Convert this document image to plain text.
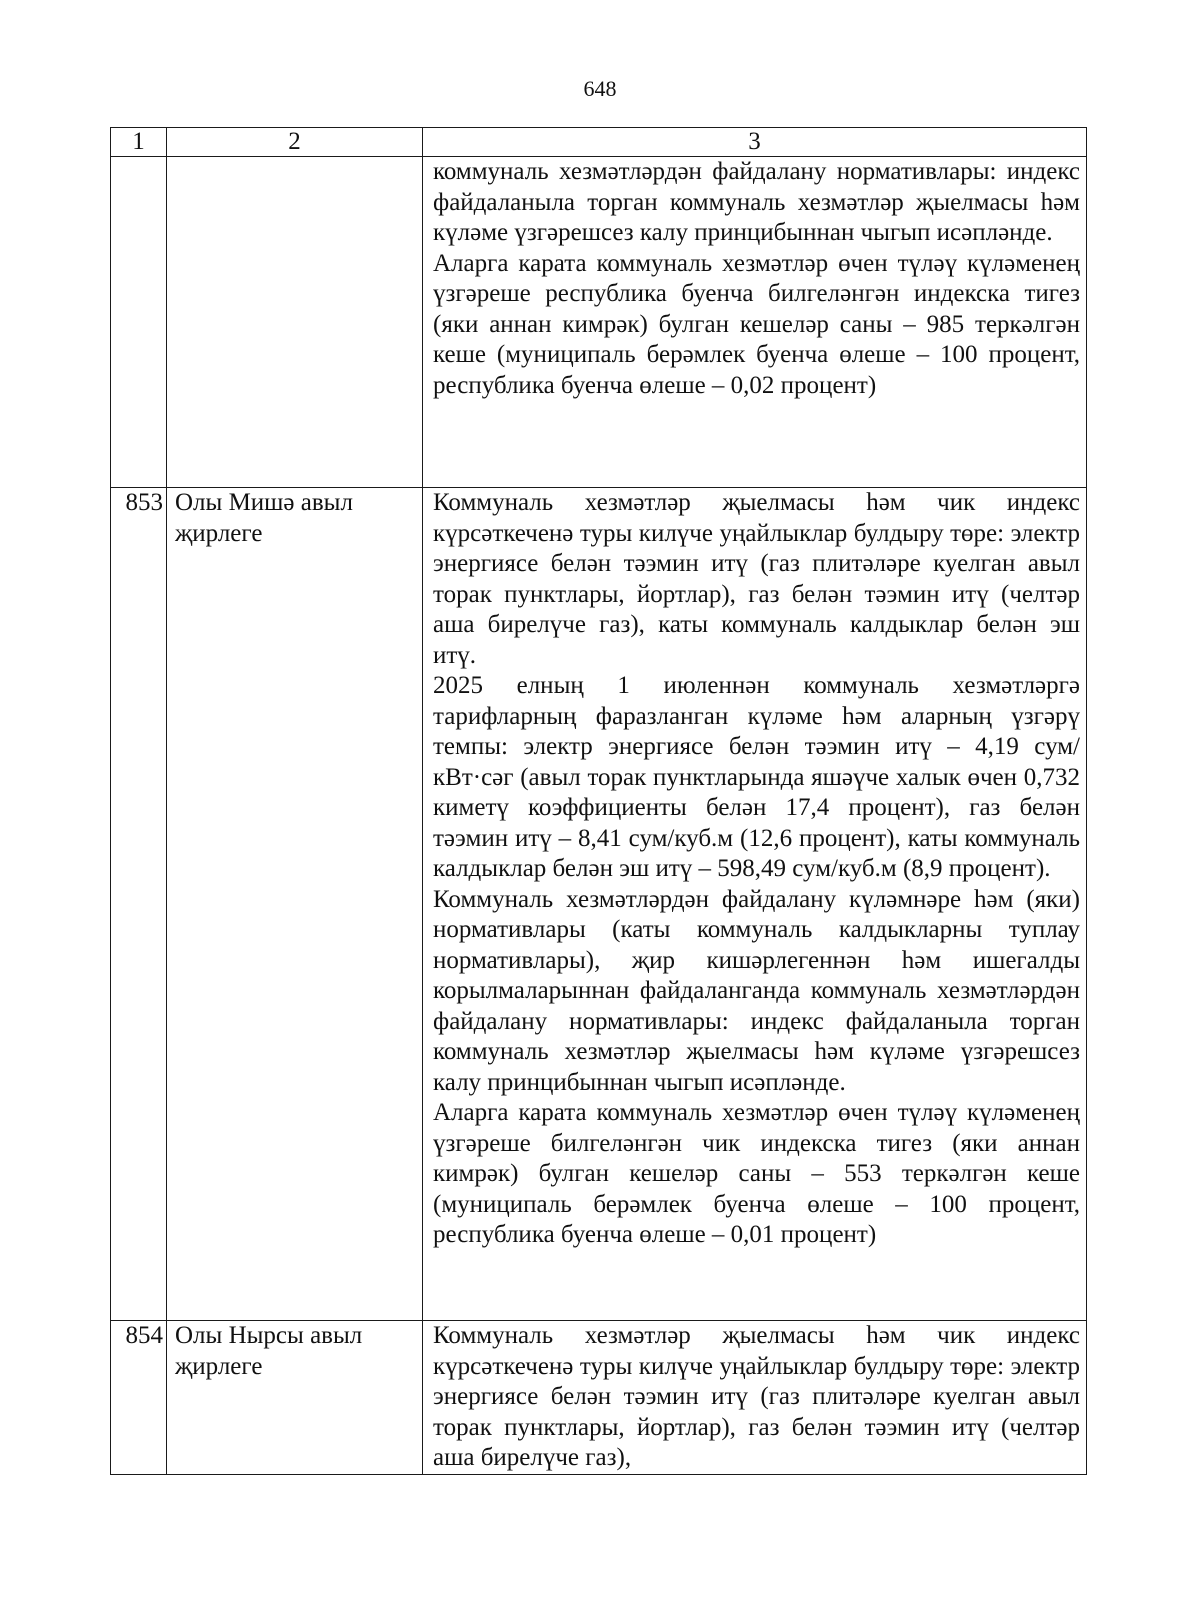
648
1	2	3

		коммуналь хезмәтләрдән файдалану нормативлары: индекс файдаланыла торган коммуналь хезмәтләр җыелмасы һәм күләме үзгәрешсез калу принцибыннан чыгып исәпләнде.

Аларга карата коммуналь хезмәтләр өчен түләү күләменең үзгәреше республика буенча билгеләнгән индекска тигез (яки аннан кимрәк) булган кешеләр саны – 985 теркәлгән кеше (муниципаль берәмлек буенча өлеше – 100 процент, республика буенча өлеше – 0,02 процент)

853	Олы Мишә авыл җирлеге	Коммуналь хезмәтләр җыелмасы һәм чик индекс күрсәткеченә туры килүче уңайлыклар булдыру төре: электр энергиясе белән тәэмин итү (газ плитәләре куелган авыл торак пунктлары, йортлар), газ белән тәэмин итү (челтәр аша бирелүче газ), каты коммуналь калдыклар белән эш итү.

2025 елның 1 июленнән коммуналь хезмәтләргә тарифларның фаразланган күләме һәм аларның үзгәрү темпы: электр энергиясе белән тәэмин итү – 4,19 сум/кВт·сәг (авыл торак пунктларында яшәүче халык өчен 0,732 киметү коэффициенты белән 17,4 процент), газ белән тәэмин итү – 8,41 сум/куб.м (12,6 процент), каты коммуналь калдыклар белән эш итү – 598,49 сум/куб.м (8,9 процент).

Коммуналь хезмәтләрдән файдалану күләмнәре һәм (яки) нормативлары (каты коммуналь калдыкларны туплау нормативлары), җир кишәрлегеннән һәм ишегалды корылмаларыннан файдаланганда коммуналь хезмәтләрдән файдалану нормативлары: индекс файдаланыла торган коммуналь хезмәтләр җыелмасы һәм күләме үзгәрешсез калу принцибыннан чыгып исәпләнде.

Аларга карата коммуналь хезмәтләр өчен түләү күләменең үзгәреше билгеләнгән чик индекска тигез (яки аннан кимрәк) булган кешеләр саны – 553 теркәлгән кеше (муниципаль берәмлек буенча өлеше – 100 процент, республика буенча өлеше – 0,01 процент)

854	Олы Нырсы авыл җирлеге	Коммуналь хезмәтләр җыелмасы һәм чик индекс күрсәткеченә туры килүче уңайлыклар булдыру төре: электр энергиясе белән тәэмин итү (газ плитәләре куелган авыл торак пунктлары, йортлар), газ белән тәэмин итү (челтәр аша бирелүче газ),
